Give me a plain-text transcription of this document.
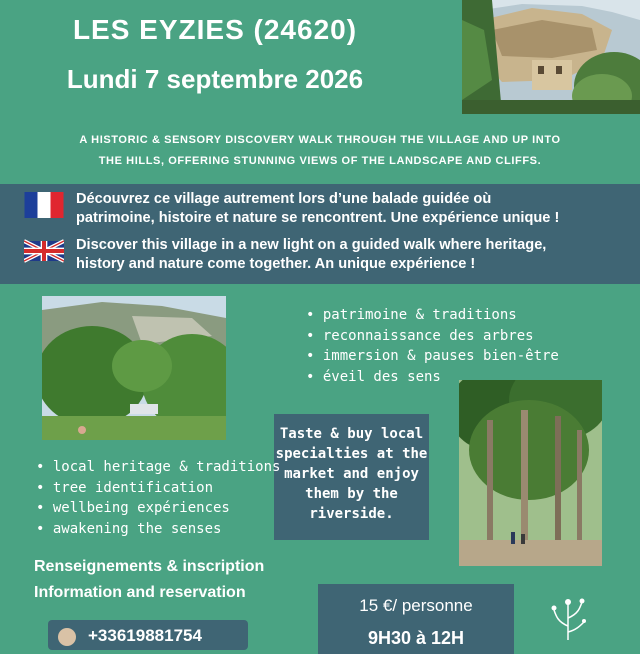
LES EYZIES (24620)
Lundi 7 septembre 2026
A HISTORIC & SENSORY DISCOVERY WALK THROUGH THE VILLAGE AND UP INTO
THE HILLS, OFFERING STUNNING VIEWS OF THE LANDSCAPE AND CLIFFS.
Découvrez ce village autrement lors d’une balade guidée où
patrimoine, histoire et nature se rencontrent. Une expérience unique !
Discover this village in a new light on a guided walk where heritage,
history and nature come together. An unique expérience !
• patrimoine & traditions
• reconnaissance des arbres
• immersion & pauses bien-être
• éveil des sens
Taste & buy local
specialties at the
market and enjoy
them by the
riverside.
• local heritage & traditions
• tree identification
• wellbeing expériences
• awakening the senses
Renseignements & inscription
Information and reservation
+33619881754
15 €/ personne
9H30 à 12H
